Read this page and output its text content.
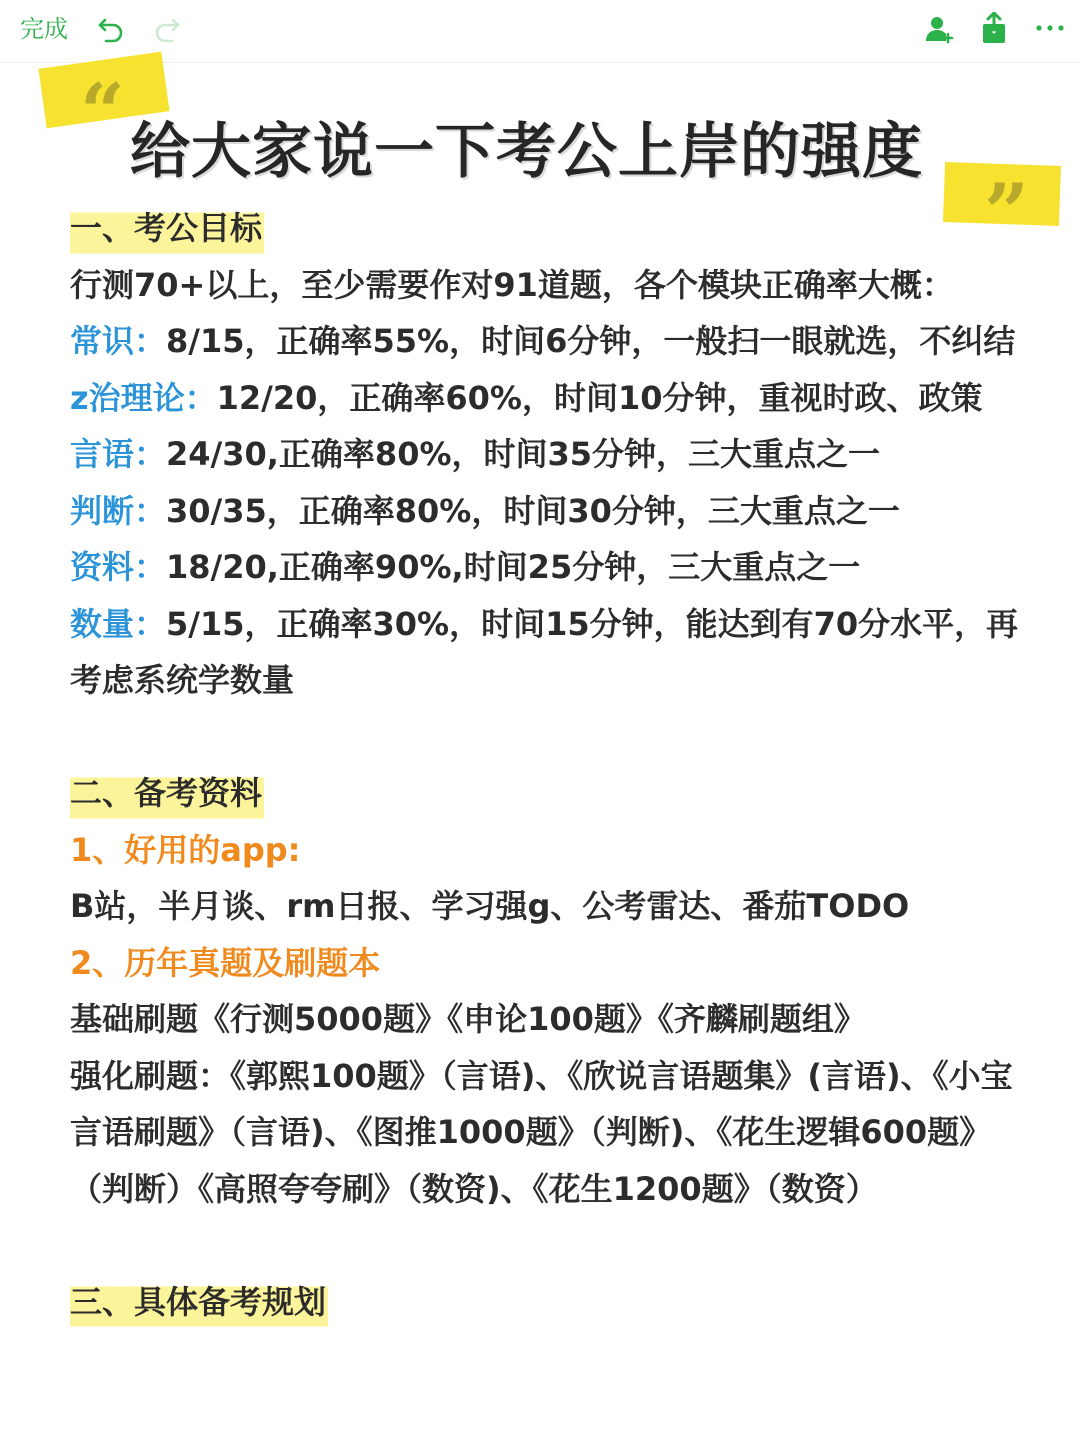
完成
“ 给大家说一下考公上岸的强度
”
一、考公目标
行测70+以上，至少需要作对91道题，各个模块正确率大概：
常识：8/15，正确率55%，时间6分钟，一般扫一眼就选，不纠结
z治理论：12/20，正确率60%，时间10分钟，重视时政、政策
言语：24/30,正确率80%，时间35分钟，三大重点之一
判断：30/35，正确率80%，时间30分钟，三大重点之一
资料：18/20,正确率90%,时间25分钟，三大重点之一
数量：5/15，正确率30%，时间15分钟，能达到有70分水平，再考虑系统学数量
二、备考资料
1、好用的app:
B站，半月谈、rm日报、学习强g、公考雷达、番茄TODO
2、历年真题及刷题本
基础刷题《行测5000题》《申论100题》《齐麟刷题组》
强化刷题：《郭熙100题》（言语)、《欣说言语题集》(言语)、《小宝言语刷题》（言语)、《图推1000题》（判断)、《花生逻辑600题》（判断）《高照夸夸刷》（数资)、《花生1200题》（数资）
三、具体备考规划
